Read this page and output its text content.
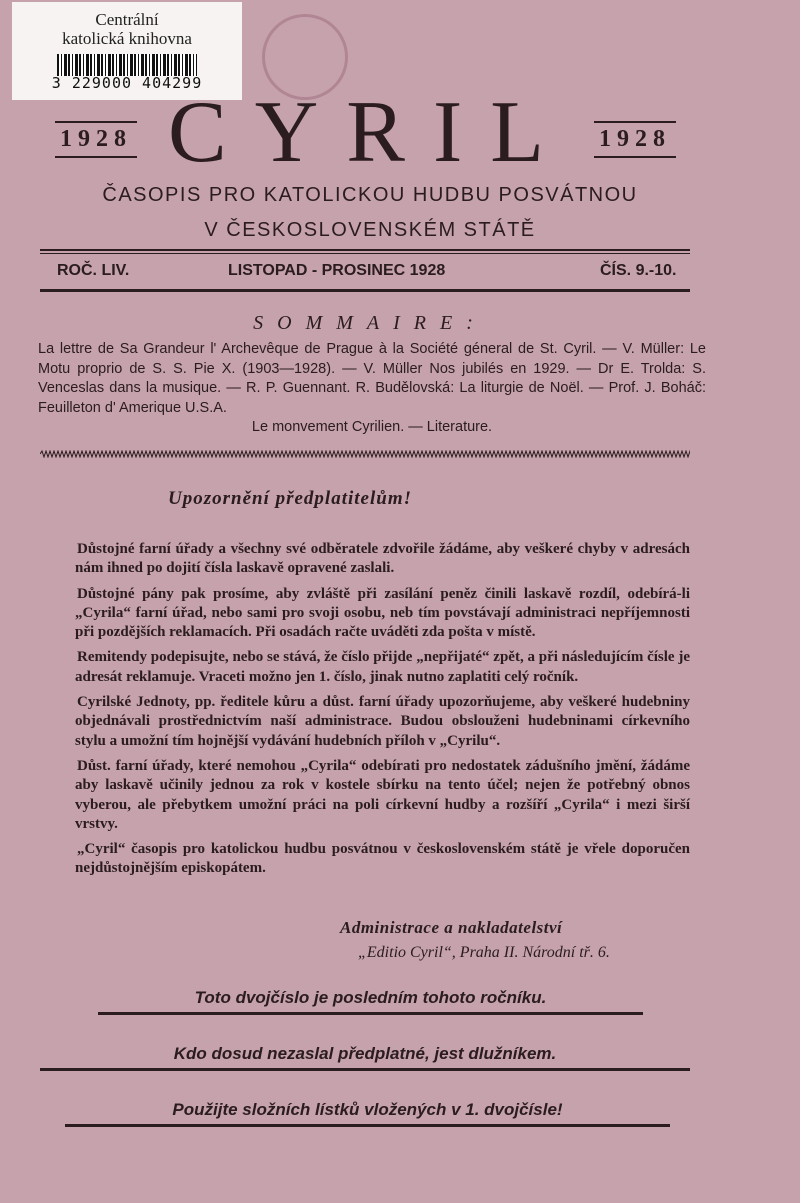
Centrální
katolická knihovna
3 229000 404299
1928 CYRIL 1928
ČASOPIS PRO KATOLICKOU HUDBU POSVÁTNOU
V ČESKOSLOVENSKÉM STÁTĚ
ROČ. LIV.	LISTOPAD - PROSINEC 1928	ČÍS. 9.-10.
SOMMAIRE:
La lettre de Sa Grandeur l' Archevêque de Prague à la Société géneral de St. Cyril. — V. Müller: Le Motu proprio de S. S. Pie X. (1903—1928). — V. Müller Nos jubilés en 1929. — Dr E. Trolda: S. Venceslas dans la musique. — R. P. Guennant. R. Budělovská: La liturgie de Noël. — Prof. J. Boháč: Feuilleton d' Amerique U.S.A.
Le monvement Cyrilien. — Literature.
Upozornění předplatitelům!

Důstojné farní úřady a všechny své odběratele zdvořile žádáme, aby veškeré chyby v adresách nám ihned po dojití čísla laskavě opravené zaslali.

Důstojné pány pak prosíme, aby zvláště při zasílání peněz činili laskavě rozdíl, odebírá-li „Cyrila“ farní úřad, nebo sami pro svoji osobu, neb tím povstávají administraci nepříjemnosti při pozdějších reklamacích. Při osadách račte uváděti zda pošta v místě.

Remitendy podepisujte, nebo se stává, že číslo přijde „nepřijaté“ zpět, a při následujícím čísle je adresát reklamuje. Vraceti možno jen 1. číslo, jinak nutno zaplatiti celý ročník.

Cyrilské Jednoty, pp. ředitele kůru a důst. farní úřady upozorňujeme, aby veškeré hudebniny objednávali prostřednictvím naší administrace. Budou obslouženi hudebninami církevního stylu a umožní tím hojnější vydávání hudebních příloh v „Cyrilu“.

Důst. farní úřady, které nemohou „Cyrila“ odebírati pro nedostatek zádušního jmění, žádáme aby laskavě učinily jednou za rok v kostele sbírku na tento účel; nejen že potřebný obnos vyberou, ale přebytkem umožní práci na poli církevní hudby a rozšíří „Cyrila“ i mezi širší vrstvy.

„Cyril“ časopis pro katolickou hudbu posvátnou v československém státě je vřele doporučen nejdůstojnějším episkopátem.

Administrace a nakladatelství
„Editio Cyril“, Praha II. Národní tř. 6.
Toto dvojčíslo je posledním tohoto ročníku.
Kdo dosud nezaslal předplatné, jest dlužníkem.
Použijte složních lístků vložených v 1. dvojčísle!
